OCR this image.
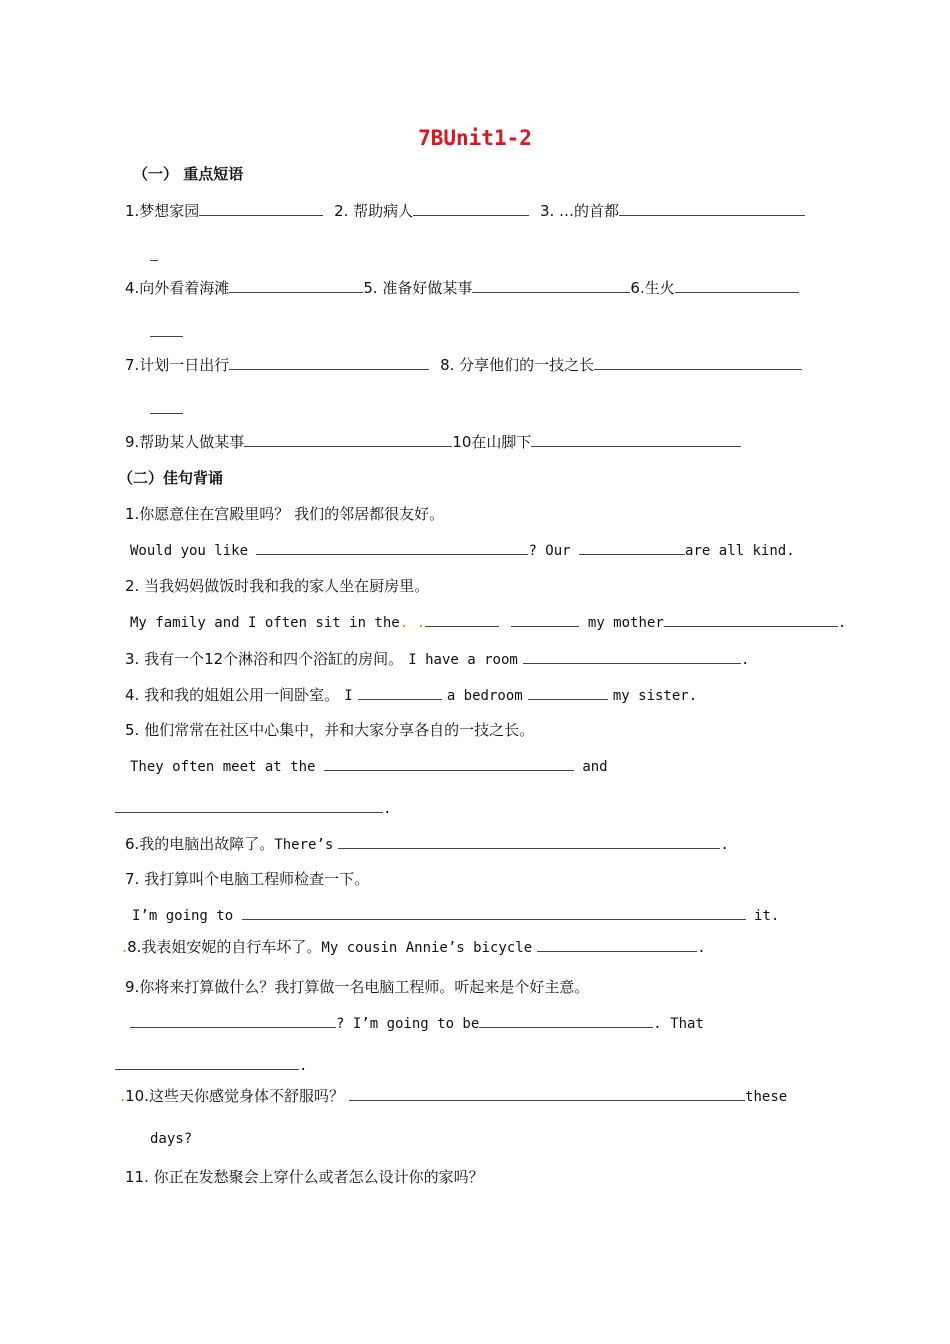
7BUnit1-2
（一） 重点短语
1.梦想家园	2. 帮助病人	3. …的首都
4.向外看着海滩	5. 准备好做某事	6.生火
7.计划一日出行	8. 分享他们的一技之长
9.帮助某人做某事	10在山脚下
（二）佳句背诵
1.你愿意住在宫殿里吗？ 我们的邻居都很友好。
Would you like	? Our	are all kind.
2. 当我妈妈做饭时我和我的家人坐在厨房里。
My family and I often sit in the. .	my mother	.
3. 我有一个12个淋浴和四个浴缸的房间。 I have a room	.
4. 我和我的姐姐公用一间卧室。 I	a bedroom	my sister.
5. 他们常常在社区中心集中，并和大家分享各自的一技之长。
They often meet at the	and
.
6.我的电脑出故障了。There’s	.
7. 我打算叫个电脑工程师检查一下。
I’m going to	it.
.8.我表姐安妮的自行车坏了。My cousin Annie’s bicycle	.
9.你将来打算做什么？我打算做一名电脑工程师。听起来是个好主意。
? I’m going to be	. That
.
.10.这些天你感觉身体不舒服吗？	these
days?
11. 你正在发愁聚会上穿什么或者怎么设计你的家吗？
